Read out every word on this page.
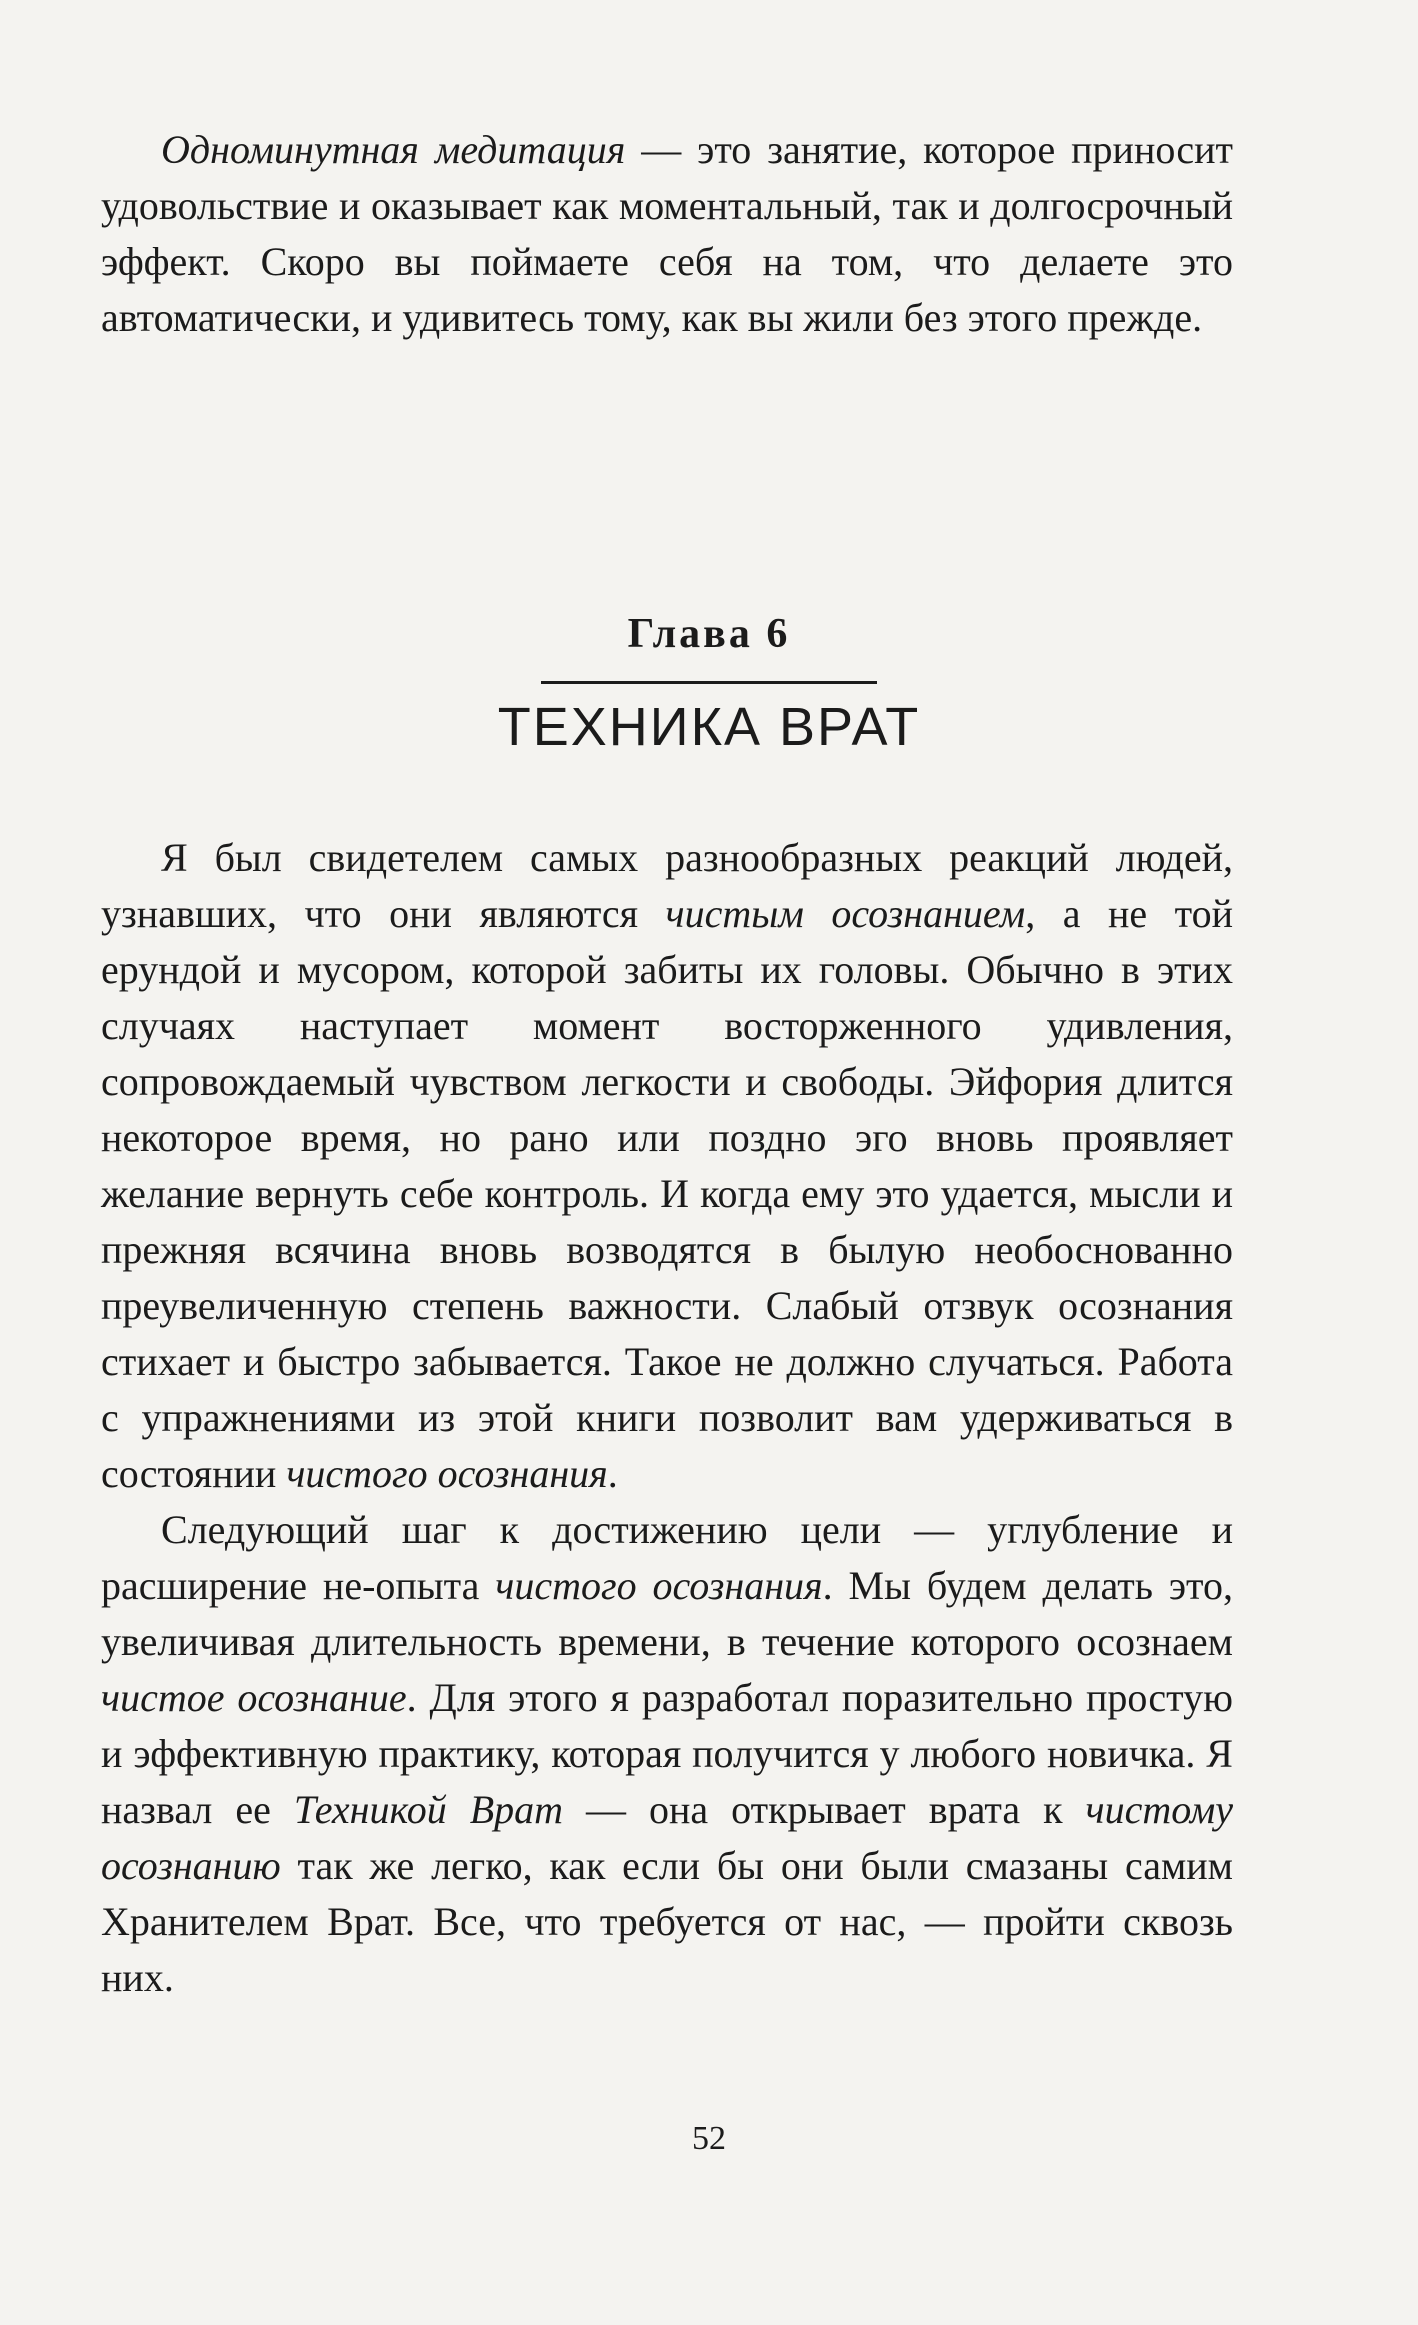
Одноминутная медитация — это занятие, которое приносит удовольствие и оказывает как моментальный, так и долгосрочный эффект. Скоро вы поймаете себя на том, что делаете это автоматически, и удивитесь тому, как вы жили без этого прежде.

Глава 6
ТЕХНИКА ВРАТ

Я был свидетелем самых разнообразных реакций людей, узнавших, что они являются чистым осознанием, а не той ерундой и мусором, которой забиты их головы. Обычно в этих случаях наступает момент восторженного удивления, сопровождаемый чувством легкости и свободы. Эйфория длится некоторое время, но рано или поздно эго вновь проявляет желание вернуть себе контроль. И когда ему это удается, мысли и прежняя всячина вновь возводятся в былую необоснованно преувеличенную степень важности. Слабый отзвук осознания стихает и быстро забывается. Такое не должно случаться. Работа с упражнениями из этой книги позволит вам удерживаться в состоянии чистого осознания.

Следующий шаг к достижению цели — углубление и расширение не-опыта чистого осознания. Мы будем делать это, увеличивая длительность времени, в течение которого осознаем чистое осознание. Для этого я разработал поразительно простую и эффективную практику, которая получится у любого новичка. Я назвал ее Техникой Врат — она открывает врата к чистому осознанию так же легко, как если бы они были смазаны самим Хранителем Врат. Все, что требуется от нас, — пройти сквозь них.

52
